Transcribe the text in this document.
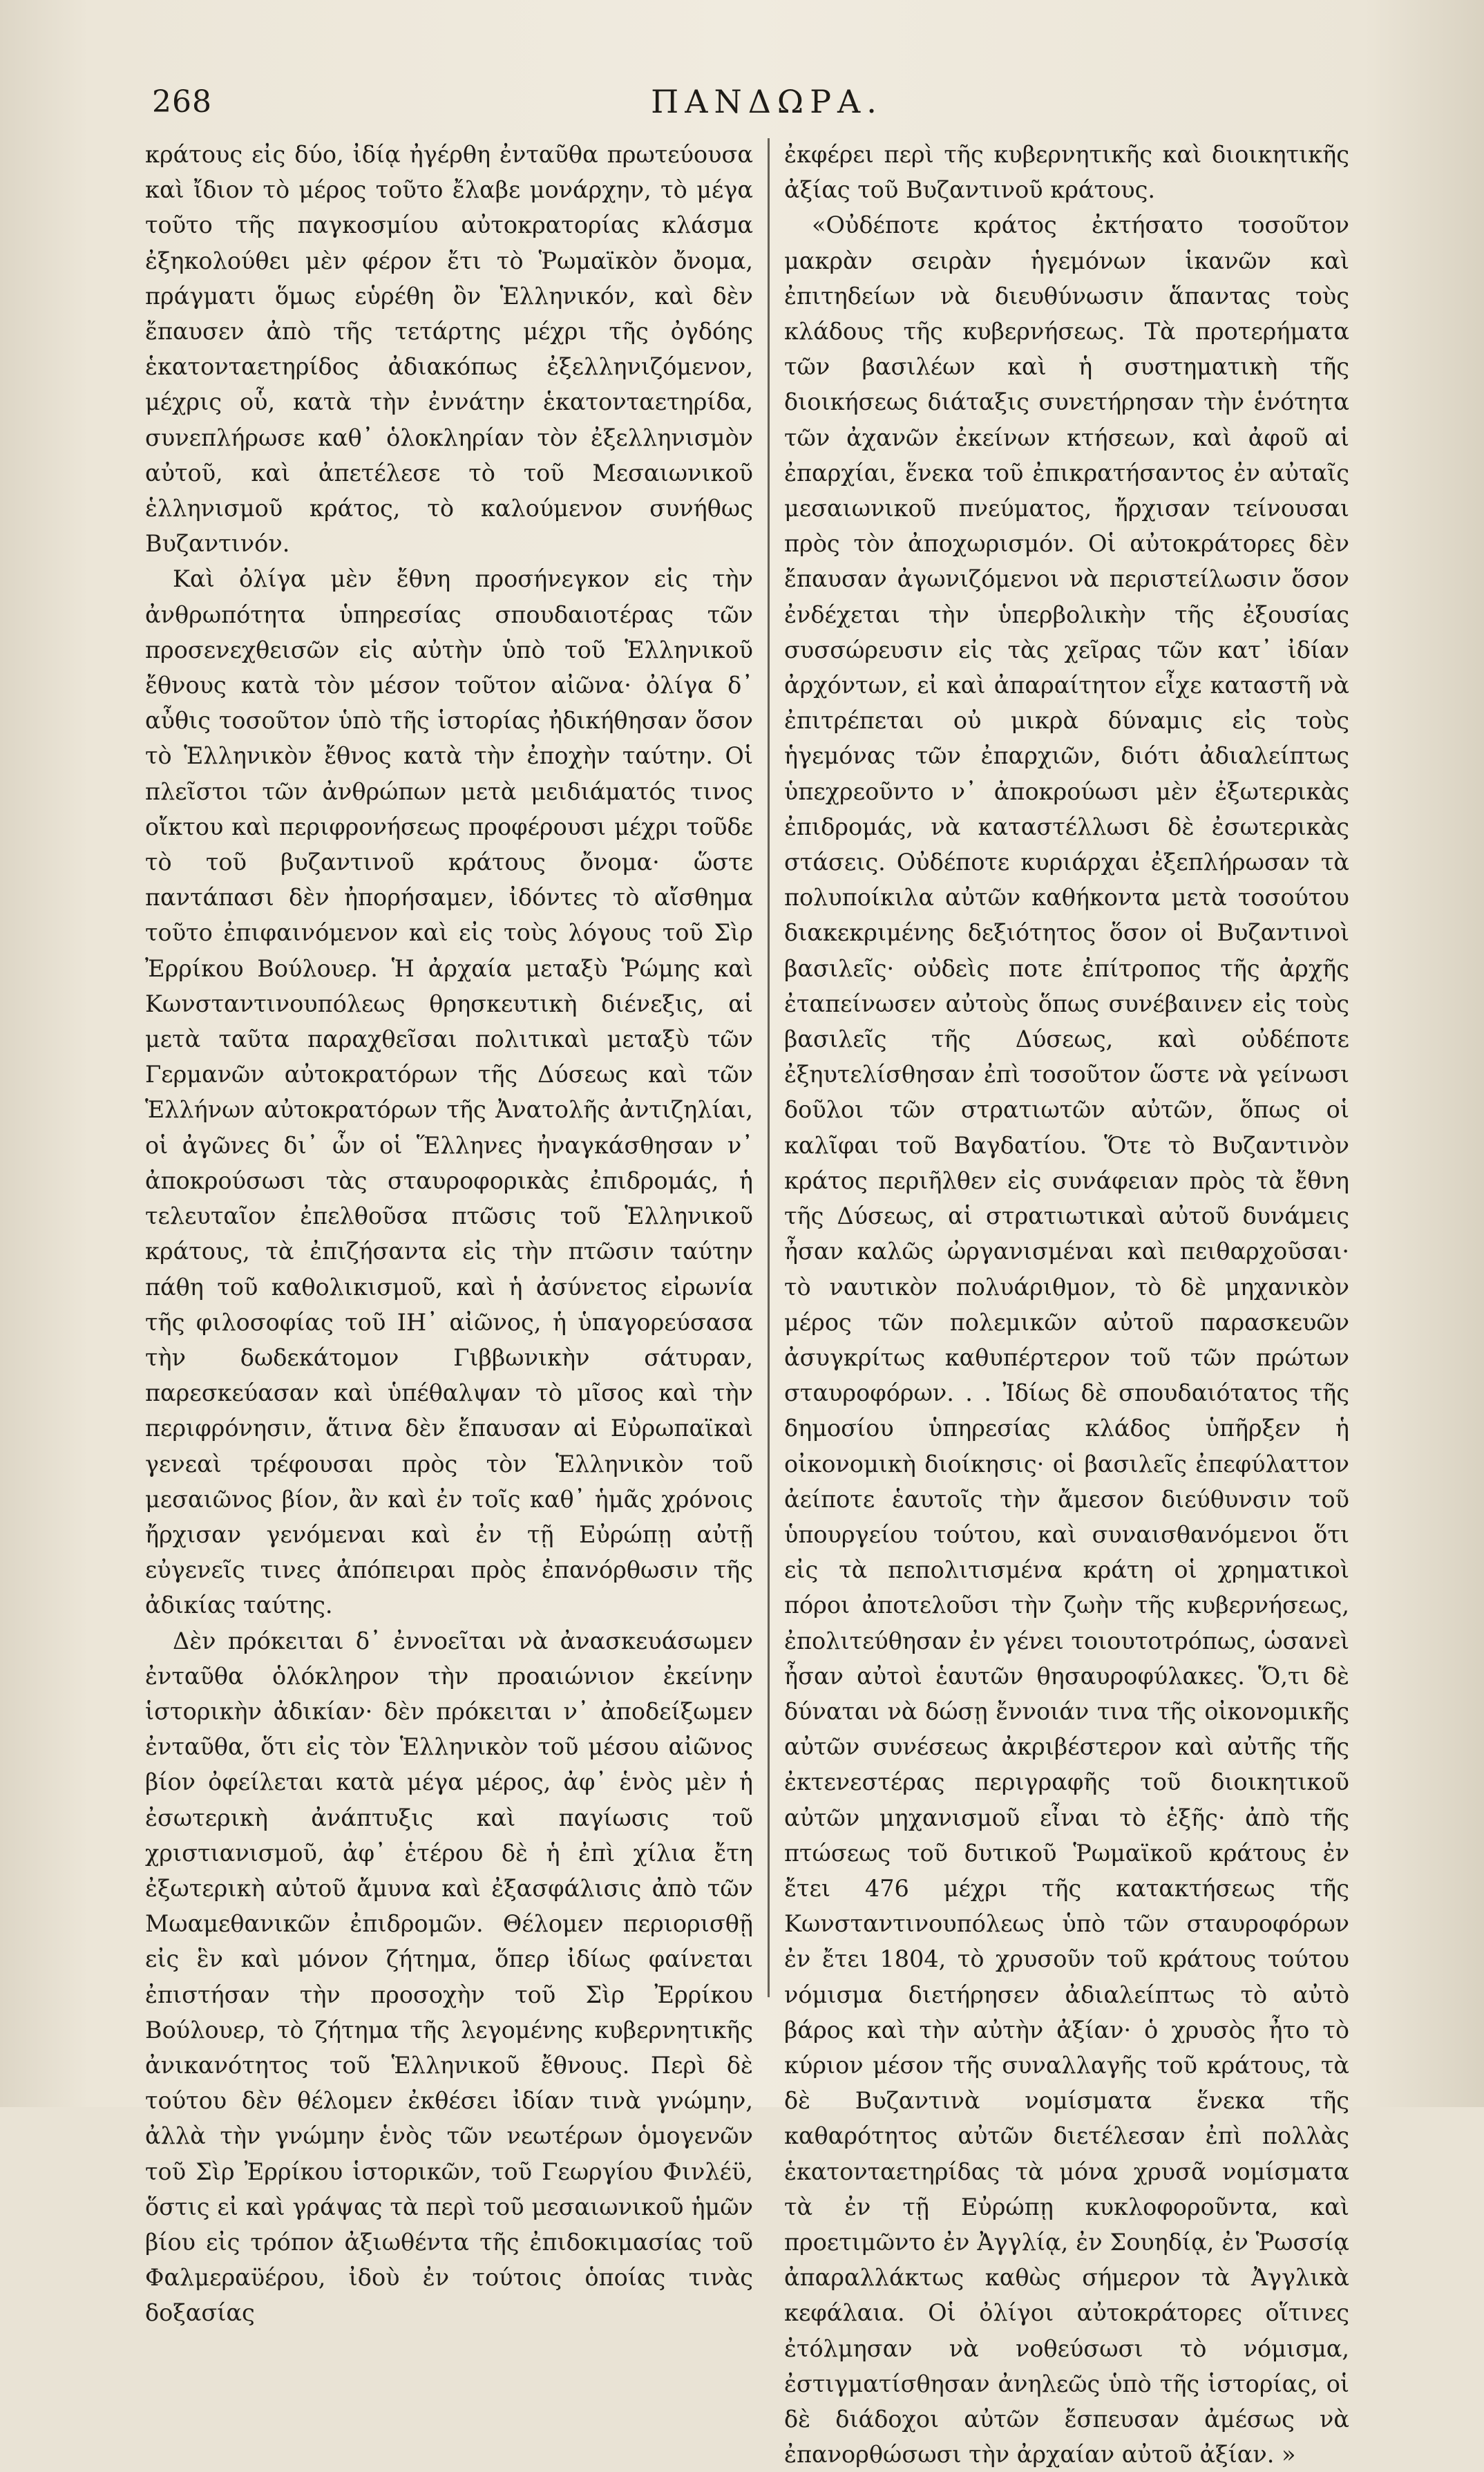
268	ΠΑΝΔΩΡΑ.

κράτους εἰς δύο, ἰδίᾳ ἠγέρθη ἐνταῦθα πρωτεύουσα καὶ ἴδιον τὸ μέρος τοῦτο ἔλαβε μονάρχην, τὸ μέγα τοῦτο τῆς παγκοσμίου αὐτοκρατορίας κλάσμα ἐξηκολούθει μὲν φέρον ἔτι τὸ Ῥωμαϊκὸν ὄνομα, πράγματι ὅμως εὑρέθη ὂν Ἑλληνικόν, καὶ δὲν ἔπαυσεν ἀπὸ τῆς τετάρτης μέχρι τῆς ὀγδόης ἑκατονταετηρίδος ἀδιακόπως ἐξελληνιζόμενον, μέχρις οὗ, κατὰ τὴν ἐννάτην ἑκατονταετηρίδα, συνεπλήρωσε καθ᾽ ὁλοκληρίαν τὸν ἐξελληνισμὸν αὐτοῦ, καὶ ἀπετέλεσε τὸ τοῦ Μεσαιωνικοῦ ἑλληνισμοῦ κράτος, τὸ καλούμενον συνήθως Βυζαντινόν.

Καὶ ὀλίγα μὲν ἔθνη προσήνεγκον εἰς τὴν ἀνθρωπότητα ὑπηρεσίας σπουδαιοτέρας τῶν προσενεχθεισῶν εἰς αὐτὴν ὑπὸ τοῦ Ἑλληνικοῦ ἔθνους κατὰ τὸν μέσον τοῦτον αἰῶνα· ὀλίγα δ᾽ αὖθις τοσοῦτον ὑπὸ τῆς ἱστορίας ἠδικήθησαν ὅσον τὸ Ἑλληνικὸν ἔθνος κατὰ τὴν ἐποχὴν ταύτην. Οἱ πλεῖστοι τῶν ἀνθρώπων μετὰ μειδιάματός τινος οἴκτου καὶ περιφρονήσεως προφέρουσι μέχρι τοῦδε τὸ τοῦ βυζαντινοῦ κράτους ὄνομα· ὥστε παντάπασι δὲν ἠπορήσαμεν, ἰδόντες τὸ αἴσθημα τοῦτο ἐπιφαινόμενον καὶ εἰς τοὺς λόγους τοῦ Σὶρ Ἐρρίκου Βούλουερ. Ἡ ἀρχαία μεταξὺ Ῥώμης καὶ Κωνσταντινουπόλεως θρησκευτικὴ διένεξις, αἱ μετὰ ταῦτα παραχθεῖσαι πολιτικαὶ μεταξὺ τῶν Γερμανῶν αὐτοκρατόρων τῆς Δύσεως καὶ τῶν Ἑλλήνων αὐτοκρατόρων τῆς Ἀνατολῆς ἀντιζηλίαι, οἱ ἀγῶνες δι᾽ ὧν οἱ Ἕλληνες ἠναγκάσθησαν ν᾽ ἀποκρούσωσι τὰς σταυροφορικὰς ἐπιδρομάς, ἡ τελευταῖον ἐπελθοῦσα πτῶσις τοῦ Ἑλληνικοῦ κράτους, τὰ ἐπιζήσαντα εἰς τὴν πτῶσιν ταύτην πάθη τοῦ καθολικισμοῦ, καὶ ἡ ἀσύνετος εἰρωνία τῆς φιλοσοφίας τοῦ ΙΗ᾽ αἰῶνος, ἡ ὑπαγορεύσασα τὴν δωδεκάτομον Γιββωνικὴν σάτυραν, παρεσκεύασαν καὶ ὑπέθαλψαν τὸ μῖσος καὶ τὴν περιφρόνησιν, ἅτινα δὲν ἔπαυσαν αἱ Εὐρωπαϊκαὶ γενεαὶ τρέφουσαι πρὸς τὸν Ἑλληνικὸν τοῦ μεσαιῶνος βίον, ἂν καὶ ἐν τοῖς καθ᾽ ἡμᾶς χρόνοις ἤρχισαν γενόμεναι καὶ ἐν τῇ Εὐρώπῃ αὐτῇ εὐγενεῖς τινες ἀπόπειραι πρὸς ἐπανόρθωσιν τῆς ἀδικίας ταύτης.

Δὲν πρόκειται δ᾽ ἐννοεῖται νὰ ἀνασκευάσωμεν ἐνταῦθα ὁλόκληρον τὴν προαιώνιον ἐκείνην ἱστορικὴν ἀδικίαν· δὲν πρόκειται ν᾽ ἀποδείξωμεν ἐνταῦθα, ὅτι εἰς τὸν Ἑλληνικὸν τοῦ μέσου αἰῶνος βίον ὀφείλεται κατὰ μέγα μέρος, ἀφ᾽ ἑνὸς μὲν ἡ ἐσωτερικὴ ἀνάπτυξις καὶ παγίωσις τοῦ χριστιανισμοῦ, ἀφ᾽ ἑτέρου δὲ ἡ ἐπὶ χίλια ἔτη ἐξωτερικὴ αὐτοῦ ἄμυνα καὶ ἐξασφάλισις ἀπὸ τῶν Μωαμεθανικῶν ἐπιδρομῶν. Θέλομεν περιορισθῇ εἰς ἓν καὶ μόνον ζήτημα, ὅπερ ἰδίως φαίνεται ἐπιστήσαν τὴν προσοχὴν τοῦ Σὶρ Ἐρρίκου Βούλουερ, τὸ ζήτημα τῆς λεγομένης κυβερνητικῆς ἀνικανότητος τοῦ Ἑλληνικοῦ ἔθνους. Περὶ δὲ τούτου δὲν θέλομεν ἐκθέσει ἰδίαν τινὰ γνώμην, ἀλλὰ τὴν γνώμην ἑνὸς τῶν νεωτέρων ὁμογενῶν τοῦ Σὶρ Ἐρρίκου ἱστορικῶν, τοῦ Γεωργίου Φινλέϋ, ὅστις εἰ καὶ γράψας τὰ περὶ τοῦ μεσαιωνικοῦ ἡμῶν βίου εἰς τρόπον ἀξιωθέντα τῆς ἐπιδοκιμασίας τοῦ Φαλμεραϋέρου, ἰδοὺ ἐν τούτοις ὁποίας τινὰς δοξασίας

ἐκφέρει περὶ τῆς κυβερνητικῆς καὶ διοικητικῆς ἀξίας τοῦ Βυζαντινοῦ κράτους.

«Οὐδέποτε κράτος ἐκτήσατο τοσοῦτον μακρὰν σειρὰν ἡγεμόνων ἱκανῶν καὶ ἐπιτηδείων νὰ διευθύνωσιν ἅπαντας τοὺς κλάδους τῆς κυβερνήσεως. Τὰ προτερήματα τῶν βασιλέων καὶ ἡ συστηματικὴ τῆς διοικήσεως διάταξις συνετήρησαν τὴν ἑνότητα τῶν ἀχανῶν ἐκείνων κτήσεων, καὶ ἀφοῦ αἱ ἐπαρχίαι, ἕνεκα τοῦ ἐπικρατήσαντος ἐν αὐταῖς μεσαιωνικοῦ πνεύματος, ἤρχισαν τείνουσαι πρὸς τὸν ἀποχωρισμόν. Οἱ αὐτοκράτορες δὲν ἔπαυσαν ἀγωνιζόμενοι νὰ περιστείλωσιν ὅσον ἐνδέχεται τὴν ὑπερβολικὴν τῆς ἐξουσίας συσσώρευσιν εἰς τὰς χεῖρας τῶν κατ᾽ ἰδίαν ἀρχόντων, εἰ καὶ ἀπαραίτητον εἶχε καταστῆ νὰ ἐπιτρέπεται οὐ μικρὰ δύναμις εἰς τοὺς ἡγεμόνας τῶν ἐπαρχιῶν, διότι ἀδιαλείπτως ὑπεχρεοῦντο ν᾽ ἀποκρούωσι μὲν ἐξωτερικὰς ἐπιδρομάς, νὰ καταστέλλωσι δὲ ἐσωτερικὰς στάσεις. Οὐδέποτε κυριάρχαι ἐξεπλήρωσαν τὰ πολυποίκιλα αὐτῶν καθήκοντα μετὰ τοσούτου διακεκριμένης δεξιότητος ὅσον οἱ Βυζαντινοὶ βασιλεῖς· οὐδεὶς ποτε ἐπίτροπος τῆς ἀρχῆς ἐταπείνωσεν αὐτοὺς ὅπως συνέβαινεν εἰς τοὺς βασιλεῖς τῆς Δύσεως, καὶ οὐδέποτε ἐξηυτελίσθησαν ἐπὶ τοσοῦτον ὥστε νὰ γείνωσι δοῦλοι τῶν στρατιωτῶν αὐτῶν, ὅπως οἱ καλῖφαι τοῦ Βαγδατίου. Ὅτε τὸ Βυζαντινὸν κράτος περιῆλθεν εἰς συνάφειαν πρὸς τὰ ἔθνη τῆς Δύσεως, αἱ στρατιωτικαὶ αὐτοῦ δυνάμεις ἦσαν καλῶς ὠργανισμέναι καὶ πειθαρχοῦσαι· τὸ ναυτικὸν πολυάριθμον, τὸ δὲ μηχανικὸν μέρος τῶν πολεμικῶν αὐτοῦ παρασκευῶν ἀσυγκρίτως καθυπέρτερον τοῦ τῶν πρώτων σταυροφόρων. . . Ἰδίως δὲ σπουδαιότατος τῆς δημοσίου ὑπηρεσίας κλάδος ὑπῆρξεν ἡ οἰκονομικὴ διοίκησις· οἱ βασιλεῖς ἐπεφύλαττον ἀείποτε ἑαυτοῖς τὴν ἄμεσον διεύθυνσιν τοῦ ὑπουργείου τούτου, καὶ συναισθανόμενοι ὅτι εἰς τὰ πεπολιτισμένα κράτη οἱ χρηματικοὶ πόροι ἀποτελοῦσι τὴν ζωὴν τῆς κυβερνήσεως, ἐπολιτεύθησαν ἐν γένει τοιουτοτρόπως, ὡσανεὶ ἦσαν αὐτοὶ ἑαυτῶν θησαυροφύλακες. Ὅ,τι δὲ δύναται νὰ δώσῃ ἔννοιάν τινα τῆς οἰκονομικῆς αὐτῶν συνέσεως ἀκριβέστερον καὶ αὐτῆς τῆς ἐκτενεστέρας περιγραφῆς τοῦ διοικητικοῦ αὐτῶν μηχανισμοῦ εἶναι τὸ ἑξῆς· ἀπὸ τῆς πτώσεως τοῦ δυτικοῦ Ῥωμαϊκοῦ κράτους ἐν ἔτει 476 μέχρι τῆς κατακτήσεως τῆς Κωνσταντινουπόλεως ὑπὸ τῶν σταυροφόρων ἐν ἔτει 1804, τὸ χρυσοῦν τοῦ κράτους τούτου νόμισμα διετήρησεν ἀδιαλείπτως τὸ αὐτὸ βάρος καὶ τὴν αὐτὴν ἀξίαν· ὁ χρυσὸς ἦτο τὸ κύριον μέσον τῆς συναλλαγῆς τοῦ κράτους, τὰ δὲ Βυζαντινὰ νομίσματα ἕνεκα τῆς καθαρότητος αὐτῶν διετέλεσαν ἐπὶ πολλὰς ἑκατονταετηρίδας τὰ μόνα χρυσᾶ νομίσματα τὰ ἐν τῇ Εὐρώπῃ κυκλοφοροῦντα, καὶ προετιμῶντο ἐν Ἀγγλίᾳ, ἐν Σουηδίᾳ, ἐν Ῥωσσίᾳ ἀπαραλλάκτως καθὼς σήμερον τὰ Ἀγγλικὰ κεφάλαια. Οἱ ὀλίγοι αὐτοκράτορες οἵτινες ἐτόλμησαν νὰ νοθεύσωσι τὸ νόμισμα, ἐστιγματίσθησαν ἀνηλεῶς ὑπὸ τῆς ἱστορίας, οἱ δὲ διάδοχοι αὐτῶν ἔσπευσαν ἀμέσως νὰ ἐπανορθώσωσι τὴν ἀρχαίαν αὐτοῦ ἀξίαν. »
